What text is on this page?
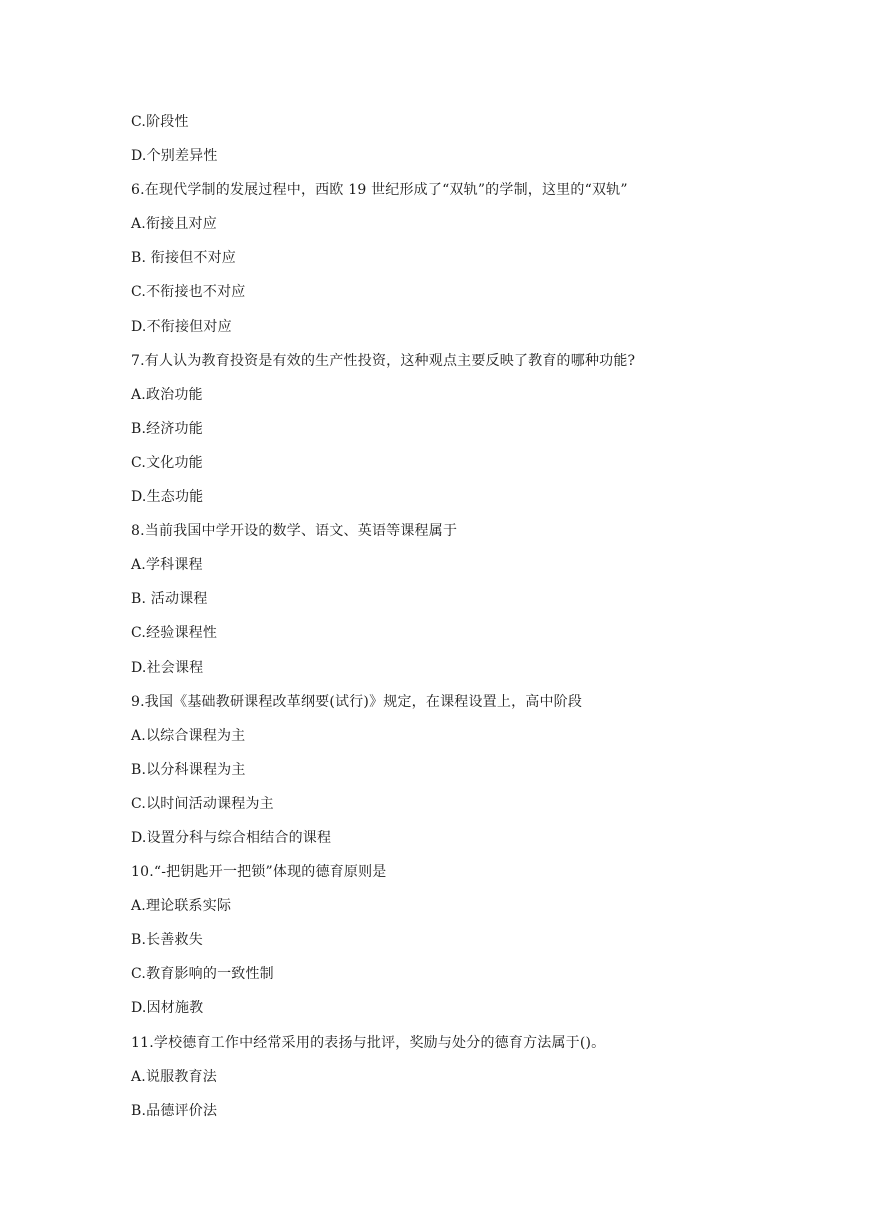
C.阶段性
D.个别差异性
6.在现代学制的发展过程中，西欧 19 世纪形成了“双轨”的学制，这里的“双轨”
A.衔接且对应
B. 衔接但不对应
C.不衔接也不对应
D.不衔接但对应
7.有人认为教育投资是有效的生产性投资，这种观点主要反映了教育的哪种功能?
A.政治功能
B.经济功能
C.文化功能
D.生态功能
8.当前我国中学开设的数学、语文、英语等课程属于
A.学科课程
B. 活动课程
C.经验课程性
D.社会课程
9.我国《基础教研课程改革纲要(试行)》规定，在课程设置上，高中阶段
A.以综合课程为主
B.以分科课程为主
C.以时间活动课程为主
D.设置分科与综合相结合的课程
10.“-把钥匙开一把锁”体现的德育原则是
A.理论联系实际
B.长善救失
C.教育影响的一致性制
D.因材施教
11.学校德育工作中经常采用的表扬与批评，奖励与处分的德育方法属于()。
A.说服教育法
B.品德评价法
